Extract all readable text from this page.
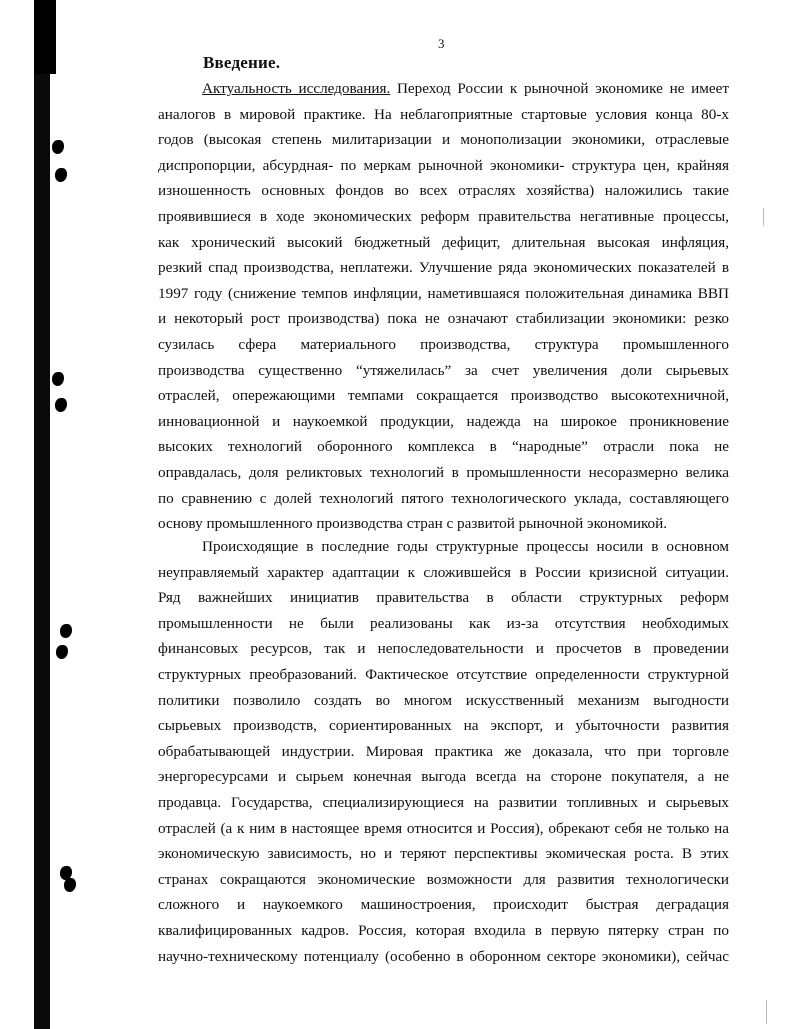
3
Введение.
Актуальность исследования. Переход России к рыночной экономике не имеет
аналогов в мировой практике. На неблагоприятные стартовые условия конца 80-х
годов (высокая степень милитаризации и монополизации экономики, отраслевые
диспропорции, абсурдная- по меркам рыночной экономики- структура цен, крайняя
изношенность основных фондов во всех отраслях хозяйства) наложились такие
проявившиеся в ходе экономических реформ правительства негативные процессы,
как хронический высокий бюджетный дефицит, длительная высокая инфляция,
резкий спад производства, неплатежи. Улучшение ряда экономических показателей в
1997 году (снижение темпов инфляции, наметившаяся положительная динамика ВВП
и некоторый рост производства) пока не означают стабилизации экономики: резко
сузилась сфера материального производства, структура промышленного
производства существенно “утяжелилась” за счет увеличения доли сырьевых
отраслей, опережающими темпами сокращается производство высокотехничной,
инновационной и наукоемкой продукции, надежда на широкое проникновение
высоких технологий оборонного комплекса в “народные” отрасли пока не
оправдалась, доля реликтовых технологий в промышленности несоразмерно велика
по сравнению с долей технологий пятого технологического уклада, составляющего
основу промышленного производства стран с развитой рыночной экономикой.
Происходящие в последние годы структурные процессы носили в основном
неуправляемый характер адаптации к сложившейся в России кризисной ситуации.
Ряд важнейших инициатив правительства в области структурных реформ
промышленности не были реализованы как из-за отсутствия необходимых
финансовых ресурсов, так и непоследовательности и просчетов в проведении
структурных преобразований. Фактическое отсутствие определенности структурной
политики позволило создать во многом искусственный механизм выгодности
сырьевых производств, сориентированных на экспорт, и убыточности развития
обрабатывающей индустрии. Мировая практика же доказала, что при торговле
энергоресурсами и сырьем конечная выгода всегда на стороне покупателя, а не
продавца. Государства, специализирующиеся на развитии топливных и сырьевых
отраслей (а к ним в настоящее время относится и Россия), обрекают себя не только на
экономическую зависимость, но и теряют перспективы экомическая роста. В этих
странах сокращаются экономические возможности для развития технологически
сложного и наукоемкого машиностроения, происходит быстрая деградация
квалифицированных кадров. Россия, которая входила в первую пятерку стран по
научно-техническому потенциалу (особенно в оборонном секторе экономики), сейчас
